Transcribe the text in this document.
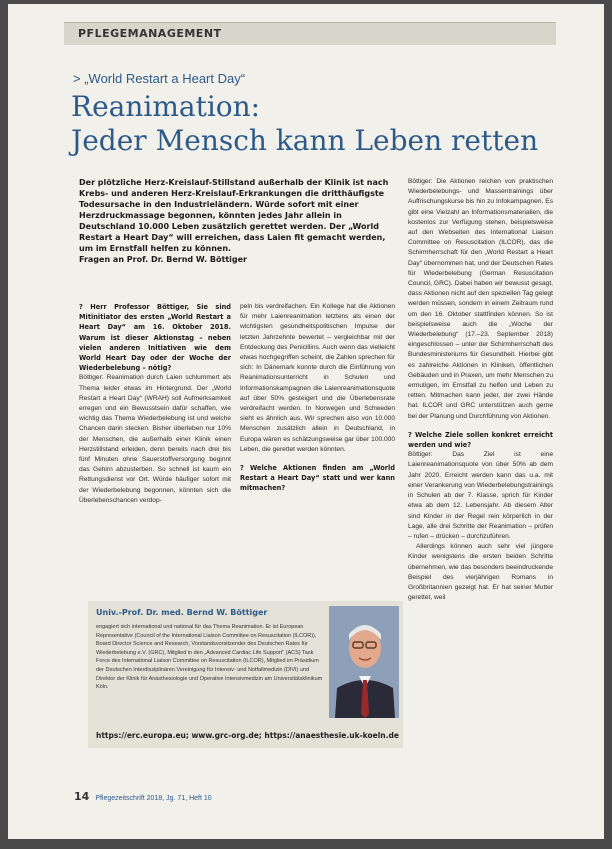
PFLEGEMANAGEMENT
> „World Restart a Heart Day“
Reanimation:
Jeder Mensch kann Leben retten

Der plötzliche Herz-Kreislauf-Stillstand außerhalb der Klinik ist nach Krebs- und anderen Herz-Kreislauf-Erkrankungen die dritthäufigste Todesursache in den Industrieländern. Würde sofort mit einer Herzdruckmassage begonnen, könnten jedes Jahr allein in Deutschland 10.000 Leben zusätzlich gerettet werden. Der „World Restart a Heart Day“ will erreichen, dass Laien fit gemacht werden, um im Ernstfall helfen zu können.

Fragen an Prof. Dr. Bernd W. Böttiger

? Herr Professor Böttiger, Sie sind Mitinitiator des ersten „World Restart a Heart Day“ am 16. Oktober 2018. Warum ist dieser Aktionstag – neben vielen anderen Initiativen wie dem World Heart Day oder der Woche der Wiederbelebung – nötig?

Böttiger: Reanimation durch Laien schlummert als Thema leider etwas im Hintergrund. Der „World Restart a Heart Day“ (WRAH) soll Aufmerksamkeit erregen und ein Bewusstsein dafür schaffen, wie wichtig das Thema Wiederbelebung ist und welche Chancen darin stecken. Bisher überleben nur 10% der Menschen, die außerhalb einer Klinik einen Herzstillstand erleiden, denn bereits nach drei bis fünf Minuten ohne Sauerstoffversorgung beginnt das Gehirn abzusterben. So schnell ist kaum ein Rettungsdienst vor Ort. Würde häufiger sofort mit der Wiederbelebung begonnen, könnten sich die Überlebenschancen verdop-

peln bis verdreifachen. Ein Kollege hat die Aktionen für mehr Laienreanimation letztens als einen der wichtigsten gesundheitspolitischen Impulse der letzten Jahrzehnte bewertet – vergleichbar mit der Entdeckung des Penicillins. Auch wenn das vielleicht etwas hochgegriffen scheint, die Zahlen sprechen für sich: In Dänemark konnte durch die Einführung von Reanimationsunterricht in Schulen und Informationskampagnen die Laienreanimationsquote auf über 50% gesteigert und die Überlebensrate verdreifacht werden. In Norwegen und Schweden sieht es ähnlich aus. Wir sprechen also von 10.000 Menschen zusätzlich allein in Deutschland, in Europa wären es schätzungsweise gar über 100.000 Leben, die gerettet werden könnten.

? Welche Aktionen finden am „World Restart a Heart Day“ statt und wer kann mitmachen?

Böttiger: Die Aktionen reichen von praktischen Wiederbelebungs- und Massentrainings über Auffrischungskurse bis hin zu Infokampagnen. Es gibt eine Vielzahl an Informationsmaterialien, die kostenlos zur Verfügung stehen, beispielsweise auf den Webseiten des International Liaison Committee on Resuscitation (ILCOR), das die Schirmherrschaft für den „World Restart a Heart Day“ übernommen hat, und der Deutschen Rates für Wiederbelebung (German Resuscitation Council, GRC). Dabei haben wir bewusst gesagt, dass Aktionen nicht auf den speziellen Tag gelegt werden müssen, sondern in einem Zeitraum rund um den 16. Oktober stattfinden können. So ist beispielsweise auch die „Woche der Wiederbelebung“ (17.–23. September 2018) eingeschlossen – unter der Schirmherrschaft des Bundesministeriums für Gesundheit. Hierbei gibt es zahlreiche Aktionen in Kliniken, öffentlichen Gebäuden und in Praxen, um mehr Menschen zu ermutigen, im Ernstfall zu helfen und Leben zu retten. Mitmachen kann jeder, der zwei Hände hat. ILCOR und GRC unterstützen auch gerne bei der Planung und Durchführung von Aktionen.

? Welche Ziele sollen konkret erreicht werden und wie?

Böttiger: Das Ziel ist eine Laienreanimationsquote von über 50% ab dem Jahr 2020. Erreicht werden kann das u.a. mit einer Verankerung von Wiederbelebungstrainings in Schulen ab der 7. Klasse, sprich für Kinder etwa ab dem 12. Lebensjahr. Ab diesem Alter sind Kinder in der Regel rein körperlich in der Lage, alle drei Schritte der Reanimation – prüfen – rufen – drücken – durchzuführen.

Allerdings können auch sehr viel jüngere Kinder wenigstens die ersten beiden Schritte übernehmen, wie das besonders beeindruckende Beispiel des vierjährigen Romans in Großbritannien gezeigt hat. Er hat seiner Mutter gerettet, weil

Univ.-Prof. Dr. med. Bernd W. Böttiger

engagiert sich international und national für das Thema Reanimation. Er ist European Representative (Council of the International Liaison Committee on Resuscitation (ILCOR)), Board Director Science and Research, Vorstandsvorsitzender des Deutschen Rates für Wiederbelebung e.V. (GRC), Mitglied in den „Advanced Cardiac Life Support“ (ACS) Task Force des International Liaison Committee on Resuscitation (ILCOR), Mitglied im Präsidium der Deutschen Interdisziplinären Vereinigung für Intensiv- und Notfallmedizin (DIVI) und Direktor der Klinik für Anästhesiologie und Operative Intensivmedizin am Universitätsklinikum Köln.

https://erc.europa.eu; www.grc-org.de; https://anaesthesie.uk-koeln.de
14 Pflegezeitschrift 2018, Jg. 71, Heft 10
